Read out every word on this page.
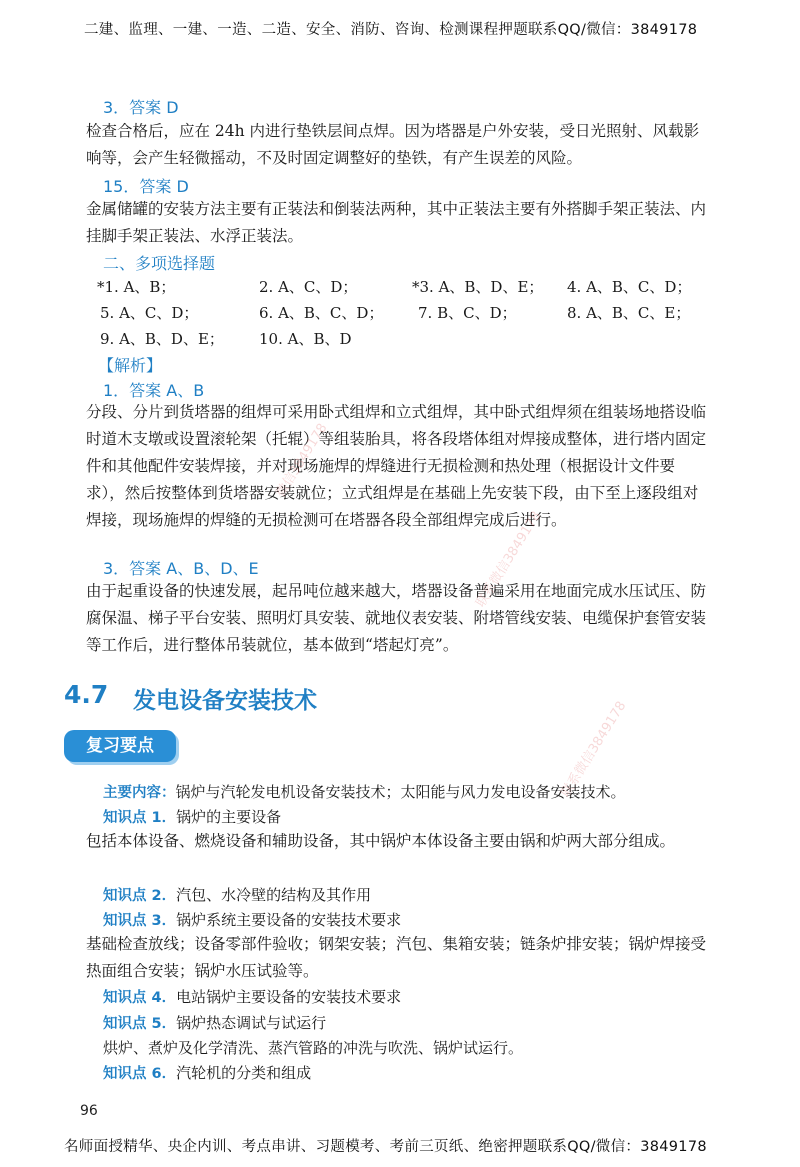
二建、监理、一建、一造、二造、安全、消防、咨询、检测课程押题联系QQ/微信：3849178
3．答案 D
检查合格后，应在 24h 内进行垫铁层间点焊。因为塔器是户外安装，受日光照射、风载影响等，会产生轻微摇动，不及时固定调整好的垫铁，有产生误差的风险。
15．答案 D
金属储罐的安装方法主要有正装法和倒装法两种，其中正装法主要有外搭脚手架正装法、内挂脚手架正装法、水浮正装法。
二、多项选择题
*1. A、B；	2. A、C、D；	*3. A、B、D、E； 4. A、B、C、D；
5. A、C、D；	6. A、B、C、D； 7. B、C、D；	8. A、B、C、E；
9. A、B、D、E； 10. A、B、D
【解析】
1．答案 A、B
分段、分片到货塔器的组焊可采用卧式组焊和立式组焊，其中卧式组焊须在组装场地搭设临时道木支墩或设置滚轮架（托辊）等组装胎具，将各段塔体组对焊接成整体，进行塔内固定件和其他配件安装焊接，并对现场施焊的焊缝进行无损检测和热处理（根据设计文件要求），然后按整体到货塔器安装就位；立式组焊是在基础上先安装下段，由下至上逐段组对焊接，现场施焊的焊缝的无损检测可在塔器各段全部组焊完成后进行。
3．答案 A、B、D、E
由于起重设备的快速发展，起吊吨位越来越大，塔器设备普遍采用在地面完成水压试压、防腐保温、梯子平台安装、照明灯具安装、就地仪表安装、附塔管线安装、电缆保护套管安装等工作后，进行整体吊装就位，基本做到“塔起灯亮”。
4.7 发电设备安装技术
复习要点
主要内容：锅炉与汽轮发电机设备安装技术；太阳能与风力发电设备安装技术。
知识点 1．锅炉的主要设备
包括本体设备、燃烧设备和辅助设备，其中锅炉本体设备主要由锅和炉两大部分组成。
知识点 2．汽包、水冷壁的结构及其作用
知识点 3．锅炉系统主要设备的安装技术要求
基础检查放线；设备零部件验收；钢架安装；汽包、集箱安装；链条炉排安装；锅炉焊接受热面组合安装；锅炉水压试验等。
知识点 4．电站锅炉主要设备的安装技术要求
知识点 5．锅炉热态调试与试运行
烘炉、煮炉及化学清洗、蒸汽管路的冲洗与吹洗、锅炉试运行。
知识点 6．汽轮机的分类和组成
96
名师面授精华、央企内训、考点串讲、习题模考、考前三页纸、绝密押题联系QQ/微信：3849178
微信3849178
联系微信3849178
联系微信3849178
